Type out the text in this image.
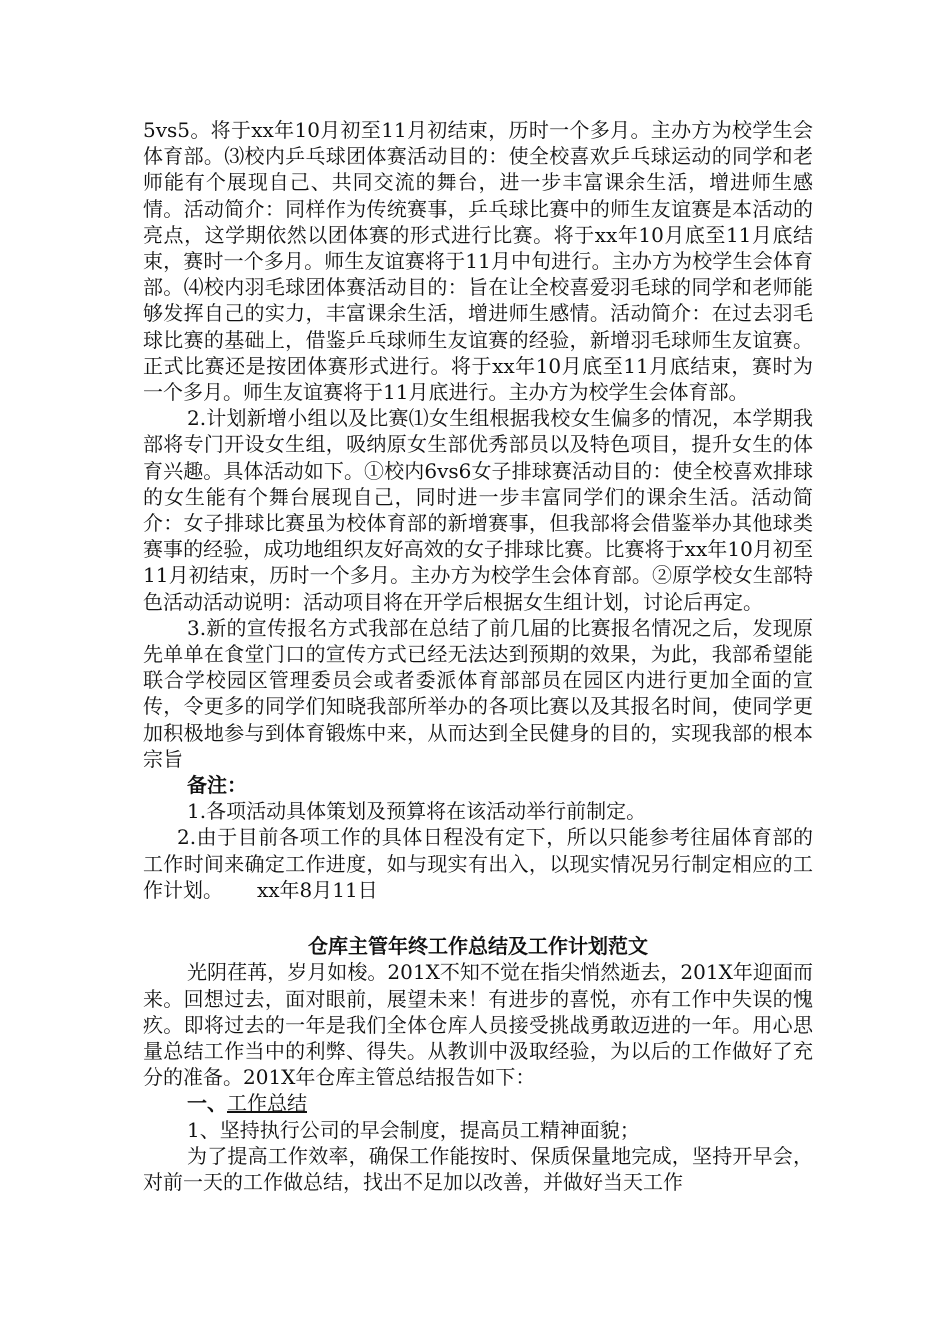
5vs5。将于xx年10月初至11月初结束，历时一个多月。主办方为校学生会体育部。⑶校内乒乓球团体赛活动目的：使全校喜欢乒乓球运动的同学和老师能有个展现自己、共同交流的舞台，进一步丰富课余生活，增进师生感情。活动简介：同样作为传统赛事，乒乓球比赛中的师生友谊赛是本活动的亮点，这学期依然以团体赛的形式进行比赛。将于xx年10月底至11月底结束，赛时一个多月。师生友谊赛将于11月中旬进行。主办方为校学生会体育部。⑷校内羽毛球团体赛活动目的：旨在让全校喜爱羽毛球的同学和老师能够发挥自己的实力，丰富课余生活，增进师生感情。活动简介：在过去羽毛球比赛的基础上，借鉴乒乓球师生友谊赛的经验，新增羽毛球师生友谊赛。正式比赛还是按团体赛形式进行。将于xx年10月底至11月底结束，赛时为一个多月。师生友谊赛将于11月底进行。主办方为校学生会体育部。

2.计划新增小组以及比赛⑴女生组根据我校女生偏多的情况，本学期我部将专门开设女生组，吸纳原女生部优秀部员以及特色项目，提升女生的体育兴趣。具体活动如下。①校内6vs6女子排球赛活动目的：使全校喜欢排球的女生能有个舞台展现自己，同时进一步丰富同学们的课余生活。活动简介：女子排球比赛虽为校体育部的新增赛事，但我部将会借鉴举办其他球类赛事的经验，成功地组织友好高效的女子排球比赛。比赛将于xx年10月初至11月初结束，历时一个多月。主办方为校学生会体育部。②原学校女生部特色活动活动说明：活动项目将在开学后根据女生组计划，讨论后再定。

3.新的宣传报名方式我部在总结了前几届的比赛报名情况之后，发现原先单单在食堂门口的宣传方式已经无法达到预期的效果，为此，我部希望能联合学校园区管理委员会或者委派体育部部员在园区内进行更加全面的宣传，令更多的同学们知晓我部所举办的各项比赛以及其报名时间，使同学更加积极地参与到体育锻炼中来，从而达到全民健身的目的，实现我部的根本宗旨

备注：

1.各项活动具体策划及预算将在该活动举行前制定。

2.由于目前各项工作的具体日程没有定下，所以只能参考往届体育部的工作时间来确定工作进度，如与现实有出入，以现实情况另行制定相应的工作计划。 xx年8月11日

仓库主管年终工作总结及工作计划范文

光阴荏苒，岁月如梭。201X不知不觉在指尖悄然逝去，201X年迎面而来。回想过去，面对眼前，展望未来！有进步的喜悦，亦有工作中失误的愧疚。即将过去的一年是我们全体仓库人员接受挑战勇敢迈进的一年。用心思量总结工作当中的利弊、得失。从教训中汲取经验，为以后的工作做好了充分的准备。201X年仓库主管总结报告如下：

一、工作总结

1、坚持执行公司的早会制度，提高员工精神面貌；

为了提高工作效率，确保工作能按时、保质保量地完成，坚持开早会，对前一天的工作做总结，找出不足加以改善，并做好当天工作
